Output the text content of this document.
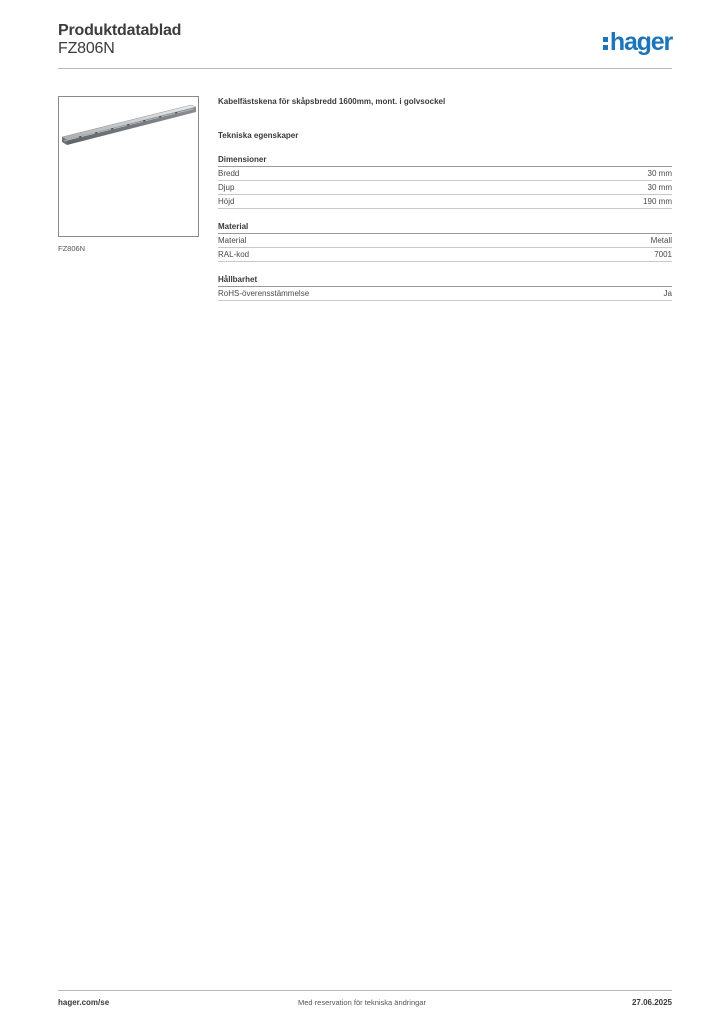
Produktdatablad
FZ806N	hager
FZ806N
Kabelfästskena för skåpsbredd 1600mm, mont. i golvsockel
Tekniska egenskaper
Dimensioner
Bredd	30 mm
Djup	30 mm
Höjd	190 mm
Material
Material	Metall
RAL-kod	7001
Hållbarhet
RoHS-överensstämmelse	Ja
Med reservation för tekniska ändringar
hager.com/se	27.06.2025
